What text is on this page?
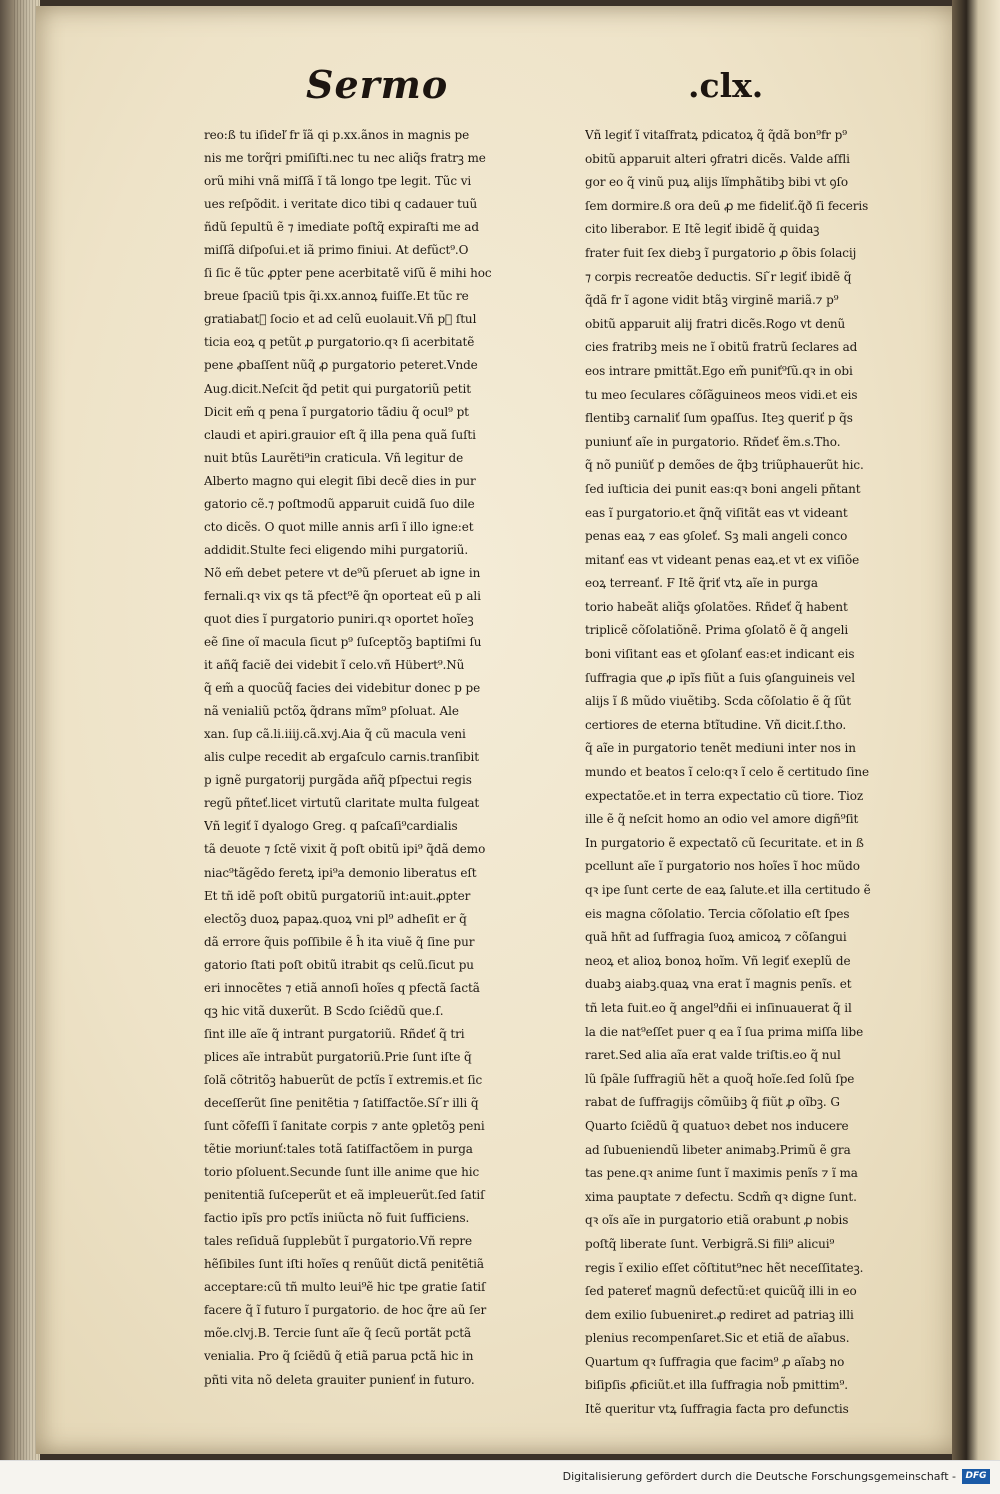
Sermo	.clx.
reo:ß tu iſideľ fr ĩã qi p.xx.ãnos in magnis pe
nis me torq̃ri pmiſiſti.nec tu nec aliq̃s fratrꝫ me
orũ mihi vnã miſſã ĩ tã longo tpe legit. Tũc vi
ues reſpõdit. i veritate dico tibi q cadauer tuũ
ñdũ ſepultũ ẽ ⁊ imediate poſtq̃ expiraſti me ad
miſſã diſpoſui.et iã primo finiui. At defũct⁹.O
ſi ſic ẽ tũc ꝓpter pene acerbitatẽ viſũ ẽ mihi hoc
breue ſpaciũ tpis q̃i.xx.annoꝝ fuiſſe.Et tũc re
gratiabatᷣ ſocio et ad celũ euolauit.Vñ pꝫ ſtul
ticia eoꝝ q petũt ꝓ purgatorio.qꝛ ſi acerbitatẽ
pene ꝓbaſſent nũq̃ ꝓ purgatorio peteret.Vnde
Aug.dicit.Neſcit q̃d petit qui purgatoriũ petit
Dicit em̃ q pena ĩ purgatorio tãdiu q̃ ocul⁹ pt
claudi et apiri.grauior eſt q̃ illa pena quã ſuſti
nuit btũs Laurẽti⁹in craticula. Vñ legitur de
Alberto magno qui elegit ſibi decẽ dies in pur
gatorio cẽ.⁊ poſtmodũ apparuit cuidã ſuo dile
cto dicẽs. O quot mille annis arſi ĩ illo igne:et
addidit.Stulte feci eligendo mihi purgatoriũ.
Nõ em̃ debet petere vt de⁹ũ pſeruet ab igne in
fernali.qꝛ vix qs tã pfect⁹ẽ q̃n oporteat eũ p ali
quot dies ĩ purgatorio puniri.qꝛ oportet hoĩeꝫ
eẽ ſine oĩ macula ſicut p⁹ ſuſceptõꝫ baptiſmi ſu
it añq̃ faciẽ dei videbit ĩ celo.vñ Hübert⁹.Nũ
q̃ em̃ a quocũq̃ facies dei videbitur donec p pe
nã venialiũ pctõꝝ q̃drans mĩm⁹ pſoluat. Ale
xan. ſup cã.li.iiij.cã.xvj.Aia q̃ cũ macula veni
alis culpe recedit ab ergaſculo carnis.tranſibit
p ignẽ purgatorij purgãda añq̃ pſpectui regis
regũ pñteť.licet virtutũ claritate multa fulgeat
Vñ legiť ĩ dyalogo Greg. q paſcaſi⁹cardialis
tã deuote ⁊ ſctẽ vixit q̃ poſt obitũ ipi⁹ q̃dã demo
niac⁹tãgẽdo feretꝝ ipi⁹a demonio liberatus eſt
Et tñ idẽ poſt obitũ purgatoriũ int:auit.ꝓpter
electõꝫ duoꝝ papaꝝ.quoꝝ vni pl⁹ adheſit er q̃
dã errore q̃uis poſſibile ẽ ĥ ita viuẽ q̃ ſine pur
gatorio ſtati poſt obitũ itrabit qs celũ.ſicut pu
eri innocẽtes ⁊ etiã annoſi hoĩes q pfectã ſactã
qꝫ hic vitã duxerũt. B Scdo ſciẽdũ que.ſ.
ſint ille aĩe q̃ intrant purgatoriũ. Rñdeť q̃ tri
plices aĩe intrabũt purgatoriũ.Prie ſunt iſte q̃
ſolã cõtritõꝫ habuerũt de pctĩs ĩ extremis.et ſic
deceſſerũt ſine penitẽtia ⁊ ſatiſfactõe.Si ̃r illi q̃
ſunt cõfeſſi ĩ ſanitate corpis ⁊ ante ꝯpletõꝫ peni
tẽtie moriunť:tales totã ſatiſfactõem in purga
torio pſoluent.Secunde ſunt ille anime que hic
penitentiã ſuſceperũt et eã impleuerũt.ſed ſatiſ
factio ipĩs pro pctĩs iniũcta nõ fuit ſufficiens.
tales reſiduã ſupplebũt ĩ purgatorio.Vñ repre
hẽſibiles ſunt iſti hoĩes q renũũt dictã penitẽtiã
acceptare:cũ tñ multo leui⁹ẽ hic tpe gratie ſatiſ
facere q̃ ĩ futuro ĩ purgatorio. de hoc q̃re aũ ſer
mõe.clvj.B. Tercie ſunt aĩe q̃ ſecũ portãt pctã
venialia. Pro q̃ ſciẽdũ q̃ etiã parua pctã hic in
pñti vita nõ deleta grauiter punienť in futuro.
Vñ legiť ĩ vitaſfratꝝ pdicatoꝝ q̃ q̃dã bon⁹fr p⁹
obitũ apparuit alteri ꝯfratri dicẽs. Valde aſfli
gor eo q̃ vinũ puꝝ alijs lĩmphãtibꝫ bibi vt ꝯſo
ſem dormire.ß ora deũ ꝓ me fideliť.q̃ð ſi feceris
cito liberabor. E Itẽ legiť ibidẽ q̃ quidaꝫ
frater fuit ſex diebꝫ ĩ purgatorio ꝓ õbis ſolacij
⁊ corpis recreatõe deductis. Si ̃r legiť ibidẽ q̃
q̃dã fr ĩ agone vidit btãꝫ virginẽ mariã.⁊ p⁹
obitũ apparuit alij fratri dicẽs.Rogo vt denũ
cies fratribꝫ meis ne ĩ obitũ fratrũ ſeclares ad
eos intrare pmittãt.Ego em̃ puniť⁹ſũ.qꝛ in obi
tu meo ſeculares cõſãguineos meos vidi.et eis
flentibꝫ carnaliť ſum ꝯpaſſus. Iteꝫ queriť p q̃s
puniunť aĩe in purgatorio. Rñdeť ẽm.s.Tho.
q̃ nõ puniũť p demões de q̃bꝫ triũphauerũt hic.
ſed iuſticia dei punit eas:qꝛ boni angeli pñtant
eas ĩ purgatorio.et q̃nq̃ viſitãt eas vt videant
penas eaꝝ ⁊ eas ꝯſoleť. Sꝫ mali angeli conco
mitanť eas vt videant penas eaꝝ.et vt ex viſiõe
eoꝝ terreanť. F Itẽ q̃riť vtꝝ aĩe in purga
torio habeãt aliq̃s ꝯſolatões. Rñdeť q̃ habent
triplicẽ cõſolatiõnẽ. Prima ꝯſolatõ ẽ q̃ angeli
boni viſitant eas et ꝯſolanť eas:et indicant eis
ſuffragia que ꝓ ipĩs fiũt a ſuis ꝯſanguineis vel
alijs ĩ ß mũdo viuẽtibꝫ. Scda cõſolatio ẽ q̃ ſũt
certiores de eterna btĩtudine. Vñ dicit.ſ.tho.
q̃ aĩe in purgatorio tenẽt mediuni inter nos in
mundo et beatos ĩ celo:qꝛ ĩ celo ẽ certitudo ſine
expectatõe.et in terra expectatio cũ tiore. Tioz
ille ẽ q̃ neſcit homo an odio vel amore digñ⁹ſit
In purgatorio ẽ expectatõ cũ ſecuritate. et in ß
pcellunt aĩe ĩ purgatorio nos hoĩes ĩ hoc mũdo
qꝛ ipe ſunt certe de eaꝝ ſalute.et illa certitudo ẽ
eis magna cõſolatio. Tercia cõſolatio eſt ſpes
quã hñt ad ſuffragia ſuoꝝ amicoꝝ ⁊ cõſangui
neoꝝ et alioꝝ bonoꝝ hoĩm. Vñ legiť exeplũ de
duabꝫ aiabꝫ.quaꝝ vna erat ĩ magnis penĩs. et
tñ leta fuit.eo q̃ angel⁹dñi ei inſinuauerat q̃ il
la die nat⁹eſſet puer q ea ĩ ſua prima miſſa libe
raret.Sed alia aĩa erat valde triſtis.eo q̃ nul
lũ ſpãle ſuffragiũ hẽt a quoq̃ hoĩe.ſed ſolũ ſpe
rabat de ſuffragijs cõmũibꝫ q̃ fiũt ꝓ oĩbꝫ. G
Quarto ſciẽdũ q̃ quatuoꝛ debet nos inducere
ad ſubueniendũ libeter animabꝫ.Primũ ẽ gra
tas pene.qꝛ anime ſunt ĩ maximis penĩs ⁊ ĩ ma
xima pauptate ⁊ defectu. Scdm̃ qꝛ digne ſunt.
qꝛ oĩs aĩe in purgatorio etiã orabunt ꝓ nobis
poſtq̃ liberate ſunt. Verbigrã.Si fili⁹ alicui⁹
regis ĩ exilio eſſet cõſtitut⁹nec hẽt neceſſitateꝫ.
ſed patereť magnũ defectũ:et quicũq̃ illi in eo
dem exilio ſubueniret.ꝓ rediret ad patriaꝫ illi
plenius recompenſaret.Sic et etiã de aĩabus.
Quartum qꝛ ſuffragia que facim⁹ ꝓ aĩabꝫ no
biſipſis ꝓficiũt.et illa ſuffragia nob̃ pmittim⁹.
Itẽ queritur vtꝝ ſuffragia facta pro defunctis
Digitalisierung gefördert durch die Deutsche Forschungsgemeinschaft -	DFG
